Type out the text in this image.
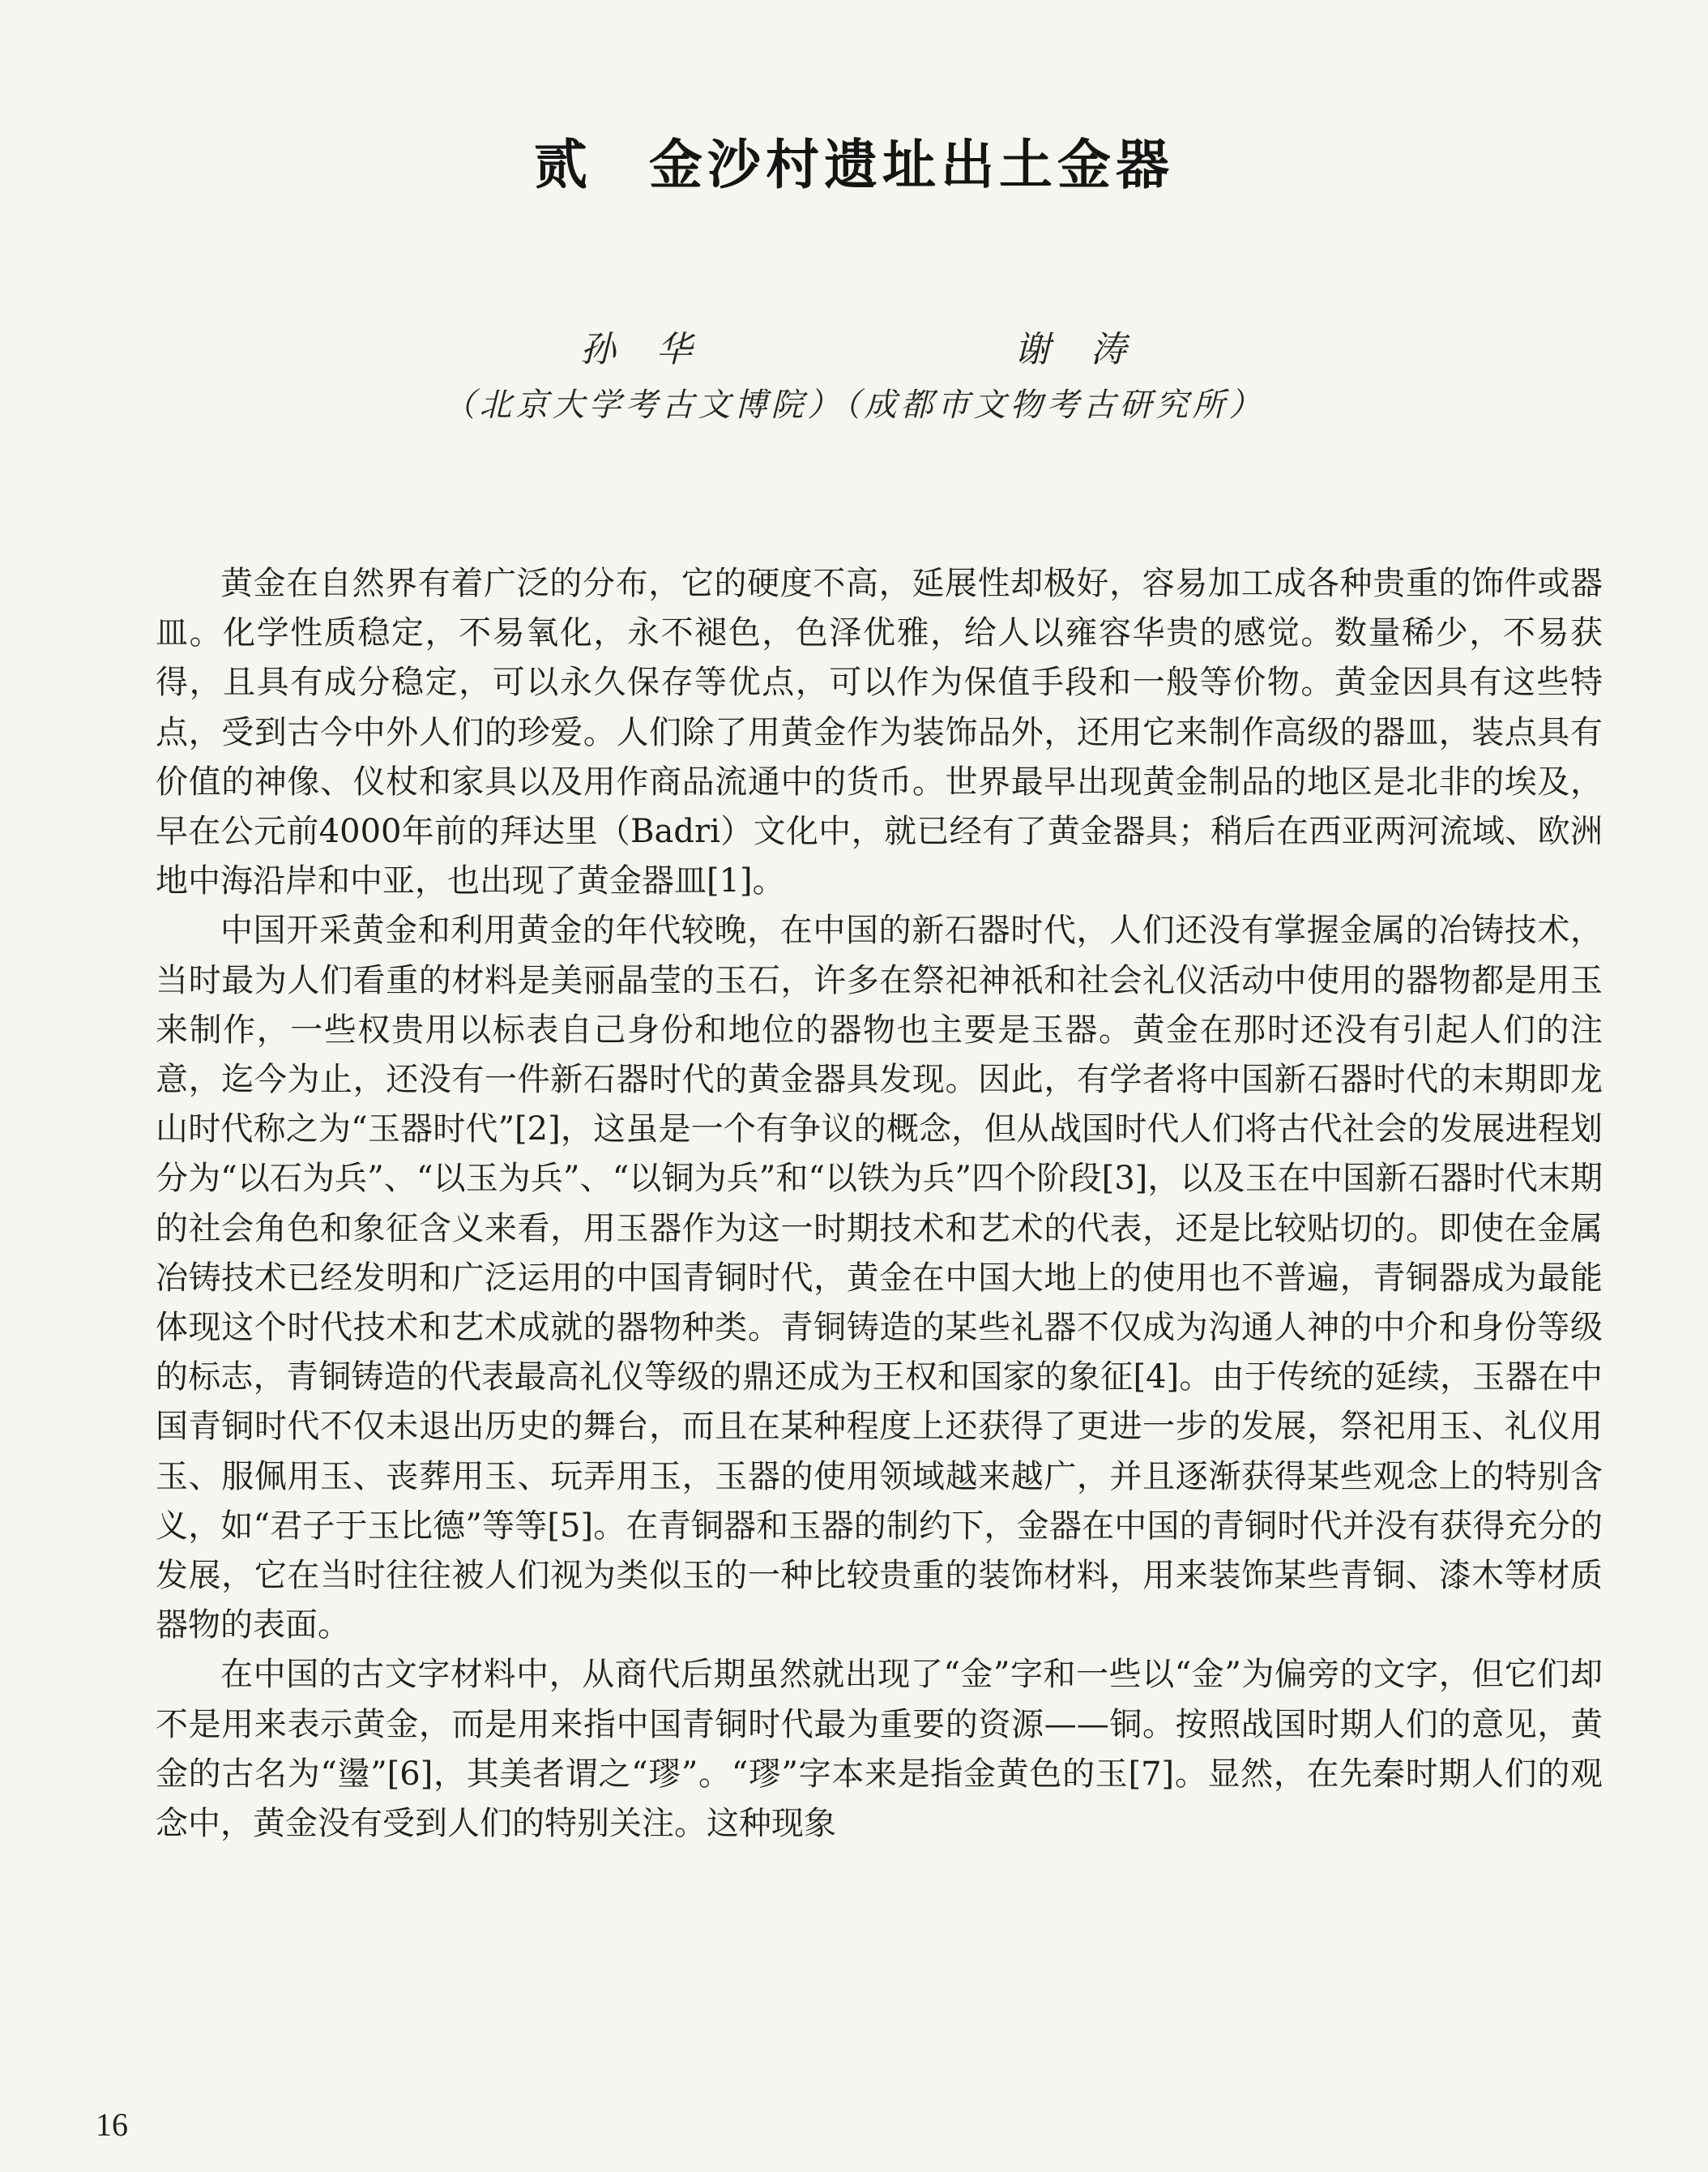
贰 金沙村遗址出土金器
孙华	谢涛
（北京大学考古文博院）（成都市文物考古研究所）

黄金在自然界有着广泛的分布，它的硬度不高，延展性却极好，容易加工成各种贵重的饰件或器皿。化学性质稳定，不易氧化，永不褪色，色泽优雅，给人以雍容华贵的感觉。数量稀少，不易获得，且具有成分稳定，可以永久保存等优点，可以作为保值手段和一般等价物。黄金因具有这些特点，受到古今中外人们的珍爱。人们除了用黄金作为装饰品外，还用它来制作高级的器皿，装点具有价值的神像、仪杖和家具以及用作商品流通中的货币。世界最早出现黄金制品的地区是北非的埃及，早在公元前4000年前的拜达里（Badri）文化中，就已经有了黄金器具；稍后在西亚两河流域、欧洲地中海沿岸和中亚，也出现了黄金器皿[1]。

中国开采黄金和利用黄金的年代较晚，在中国的新石器时代，人们还没有掌握金属的冶铸技术，当时最为人们看重的材料是美丽晶莹的玉石，许多在祭祀神祇和社会礼仪活动中使用的器物都是用玉来制作，一些权贵用以标表自己身份和地位的器物也主要是玉器。黄金在那时还没有引起人们的注意，迄今为止，还没有一件新石器时代的黄金器具发现。因此，有学者将中国新石器时代的末期即龙山时代称之为“玉器时代”[2]，这虽是一个有争议的概念，但从战国时代人们将古代社会的发展进程划分为“以石为兵”、“以玉为兵”、“以铜为兵”和“以铁为兵”四个阶段[3]，以及玉在中国新石器时代末期的社会角色和象征含义来看，用玉器作为这一时期技术和艺术的代表，还是比较贴切的。即使在金属冶铸技术已经发明和广泛运用的中国青铜时代，黄金在中国大地上的使用也不普遍，青铜器成为最能体现这个时代技术和艺术成就的器物种类。青铜铸造的某些礼器不仅成为沟通人神的中介和身份等级的标志，青铜铸造的代表最高礼仪等级的鼎还成为王权和国家的象征[4]。由于传统的延续，玉器在中国青铜时代不仅未退出历史的舞台，而且在某种程度上还获得了更进一步的发展，祭祀用玉、礼仪用玉、服佩用玉、丧葬用玉、玩弄用玉，玉器的使用领域越来越广，并且逐渐获得某些观念上的特别含义，如“君子于玉比德”等等[5]。在青铜器和玉器的制约下，金器在中国的青铜时代并没有获得充分的发展，它在当时往往被人们视为类似玉的一种比较贵重的装饰材料，用来装饰某些青铜、漆木等材质器物的表面。

在中国的古文字材料中，从商代后期虽然就出现了“金”字和一些以“金”为偏旁的文字，但它们却不是用来表示黄金，而是用来指中国青铜时代最为重要的资源——铜。按照战国时期人们的意见，黄金的古名为“璗”[6]，其美者谓之“璆”。“璆”字本来是指金黄色的玉[7]。显然，在先秦时期人们的观念中，黄金没有受到人们的特别关注。这种现象

16
